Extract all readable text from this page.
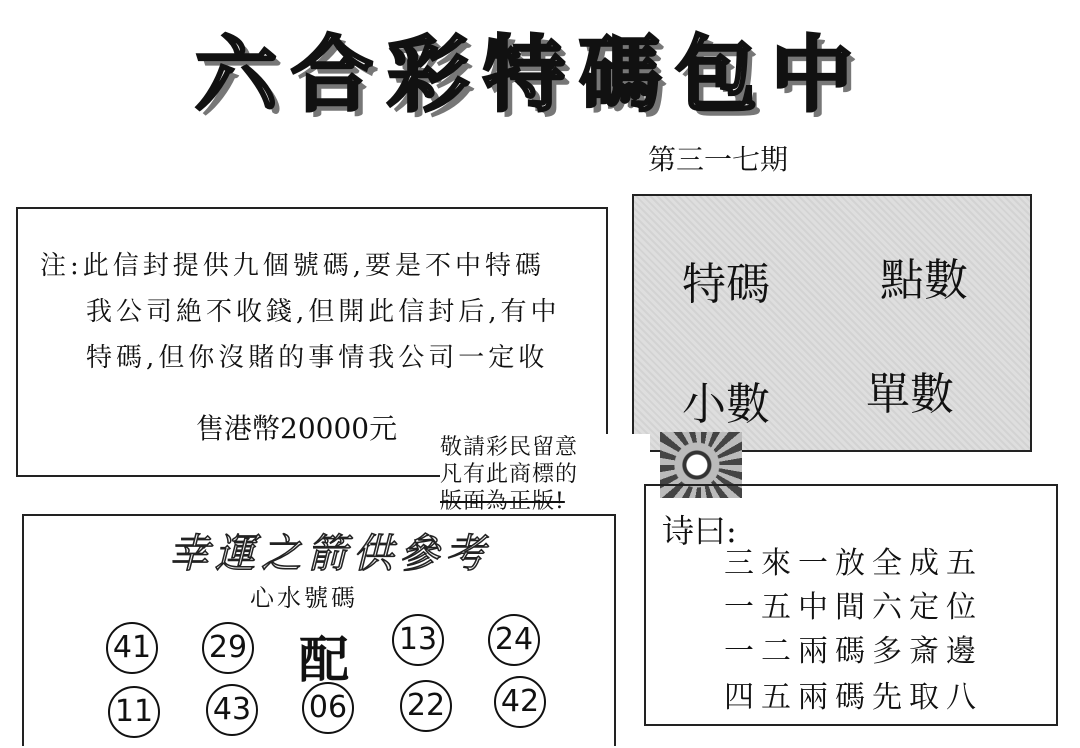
六合彩特碼包中
第三一七期
注:此信封提供九個號碼,要是不中特碼
我公司絶不收錢,但開此信封后,有中
特碼,但你沒賭的事情我公司一定收
售港幣20000元
特碼	點數
小數 單數
敬請彩民留意
凡有此商標的
版面為正版!
幸運之箭供參考
心水號碼
41 29 配 13 24
11 43 06 22 42
诗曰:
三來一放全成五
一五中間六定位
一二兩碼多斎邊
四五兩碼先取八
